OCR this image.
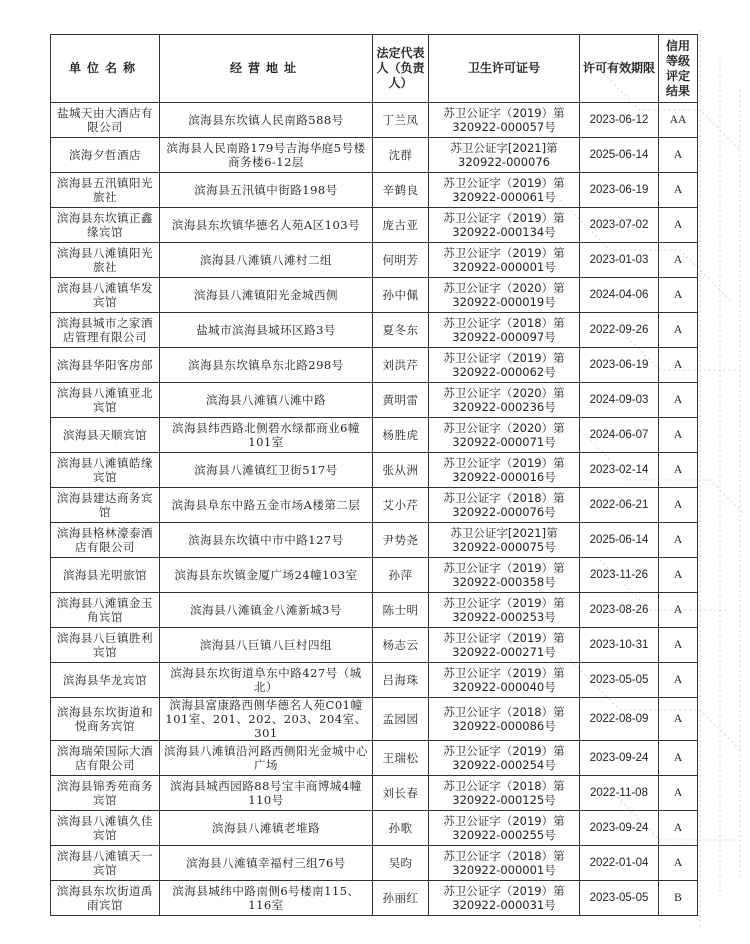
单位名称	经营地址	法定代表人（负责人）	卫生许可证号	许可有效期限	信用等级评定结果
盐城天由大酒店有限公司	滨海县东坎镇人民南路588号	丁兰凤	苏卫公证字（2019）第320922-000057号	2023-06-12	AA
滨海夕哲酒店	滨海县人民南路179号吉海华庭5号楼商务楼6-12层	沈群	苏卫公证字[2021]第320922-000076	2025-06-14	A
滨海县五汛镇阳光旅社	滨海县五汛镇中街路198号	辛鹤良	苏卫公证字（2019）第320922-000061号	2023-06-19	A
滨海县东坎镇正鑫缘宾馆	滨海县东坎镇华德名人苑A区103号	庞古亚	苏卫公证字（2019）第320922-000134号	2023-07-02	A
滨海县八滩镇阳光旅社	滨海县八滩镇八滩村二组	何明芳	苏卫公证字（2019）第320922-000001号	2023-01-03	A
滨海县八滩镇华发宾馆	滨海县八滩镇阳光金城西侧	孙中佩	苏卫公证字（2020）第320922-000019号	2024-04-06	A
滨海县城市之家酒店管理有限公司	盐城市滨海县城环区路3号	夏冬东	苏卫公证字（2018）第320922-000097号	2022-09-26	A
滨海县华阳客房部	滨海县东坎镇阜东北路298号	刘洪芹	苏卫公证字（2019）第320922-000062号	2023-06-19	A
滨海县八滩镇亚北宾馆	滨海县八滩镇八滩中路	黄明雷	苏卫公证字（2020）第320922-000236号	2024-09-03	A
滨海县天顺宾馆	滨海县纬西路北侧碧水绿都商业6幢101室	杨胜虎	苏卫公证字（2020）第320922-000071号	2024-06-07	A
滨海县八滩镇皓缘宾馆	滨海县八滩镇红卫街517号	张从洲	苏卫公证字（2019）第320922-000016号	2023-02-14	A
滨海县建达商务宾馆	滨海县阜东中路五金市场A楼第二层	艾小芹	苏卫公证字（2018）第320922-000076号	2022-06-21	A
滨海县格林濠泰酒店有限公司	滨海县东坎镇中市中路127号	尹势尧	苏卫公证字[2021]第320922-000075号	2025-06-14	A
滨海县光明旅馆	滨海县东坎镇金厦广场24幢103室	孙萍	苏卫公证字（2019）第320922-000358号	2023-11-26	A
滨海县八滩镇金玉角宾馆	滨海县八滩镇金八滩新城3号	陈士明	苏卫公证字（2019）第320922-000253号	2023-08-26	A
滨海县八巨镇胜利宾馆	滨海县八巨镇八巨村四组	杨志云	苏卫公证字（2019）第320922-000271号	2023-10-31	A
滨海县华龙宾馆	滨海县东坎街道阜东中路427号（城北）	吕海珠	苏卫公证字（2019）第320922-000040号	2023-05-05	A
滨海县东坎街道和悦商务宾馆	滨海县富康路西侧华德名人苑C01幢101室、201、202、203、204室、301	孟园园	苏卫公证字（2018）第320922-000086号	2022-08-09	A
滨海瑞荣国际大酒店有限公司	滨海县八滩镇沿河路西侧阳光金城中心广场	王瑞松	苏卫公证字（2019）第320922-000254号	2023-09-24	A
滨海县锦秀苑商务宾馆	滨海县城西园路88号宝丰商博城4幢110号	刘长春	苏卫公证字（2018）第320922-000125号	2022-11-08	A
滨海县八滩镇久佳宾馆	滨海县八滩镇老堆路	孙歌	苏卫公证字（2019）第320922-000255号	2023-09-24	A
滨海县八滩镇天一宾馆	滨海县八滩镇幸福村三组76号	吴昀	苏卫公证字（2018）第320922-000001号	2022-01-04	A
滨海县东坎街道禹雨宾馆	滨海县城纬中路南侧6号楼南115、116室	孙丽红	苏卫公证字（2019）第320922-000031号	2023-05-05	B
